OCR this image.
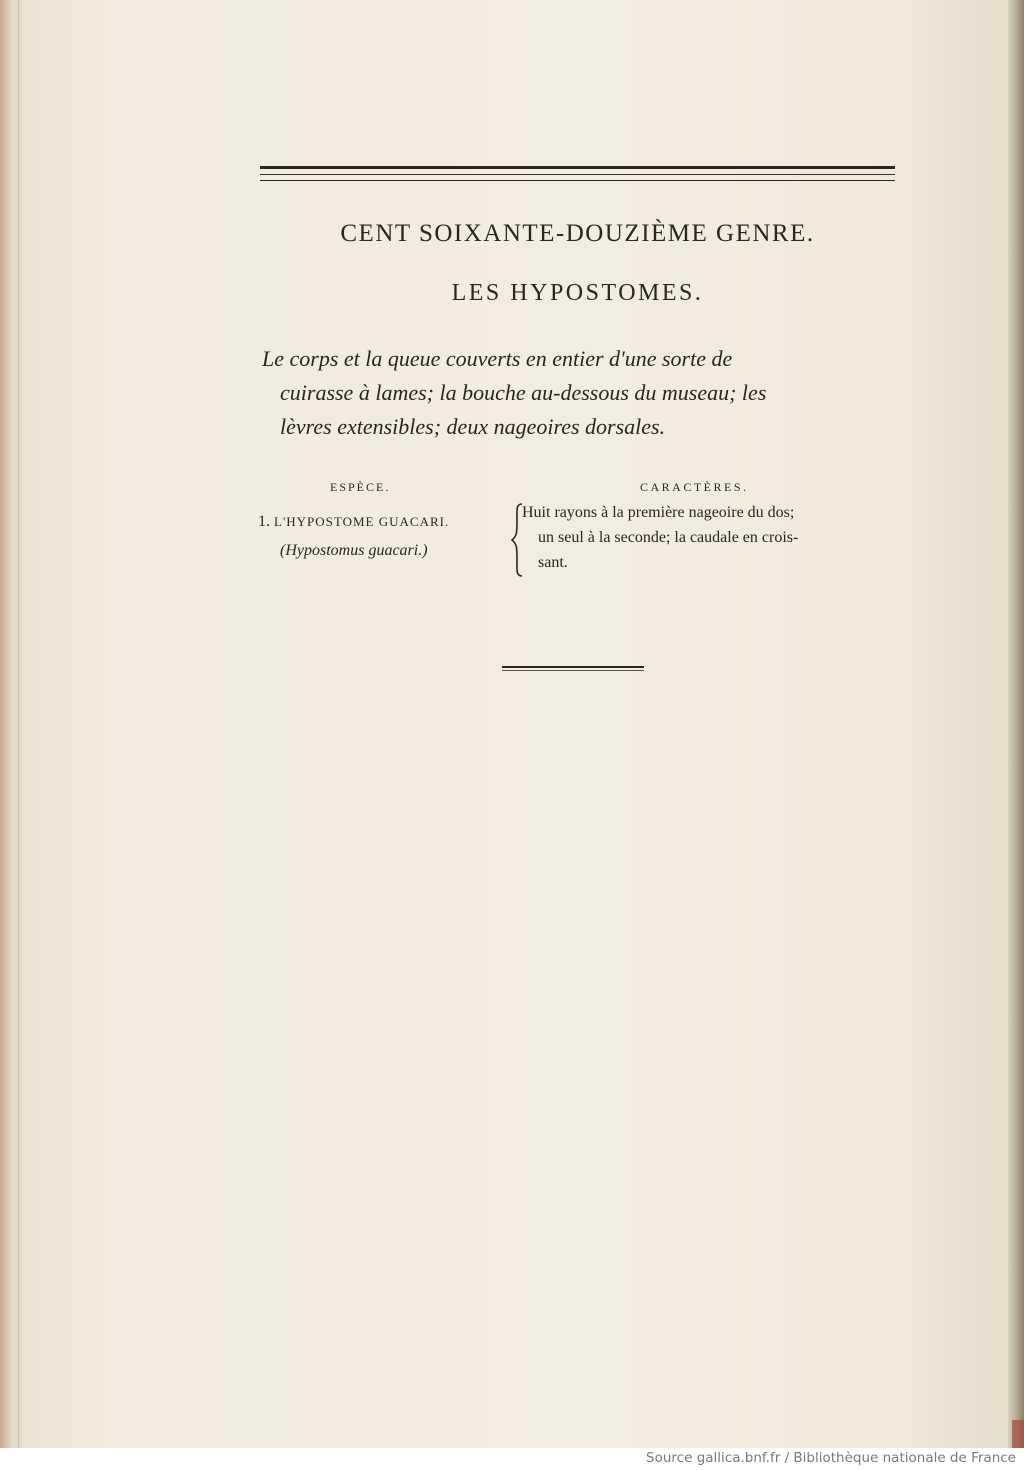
CENT SOIXANTE-DOUZIÈME GENRE.
LES HYPOSTOMES.
Le corps et la queue couverts en entier d'une sorte de
cuirasse à lames; la bouche au-dessous du museau; les
lèvres extensibles; deux nageoires dorsales.
ESPÈCE.	CARACTÈRES.
1. L'HYPOSTOME GUACARI.
(Hypostomus guacari.)
Huit rayons à la première nageoire du dos;
un seul à la seconde; la caudale en crois-
sant.
Source gallica.bnf.fr / Bibliothèque nationale de France
